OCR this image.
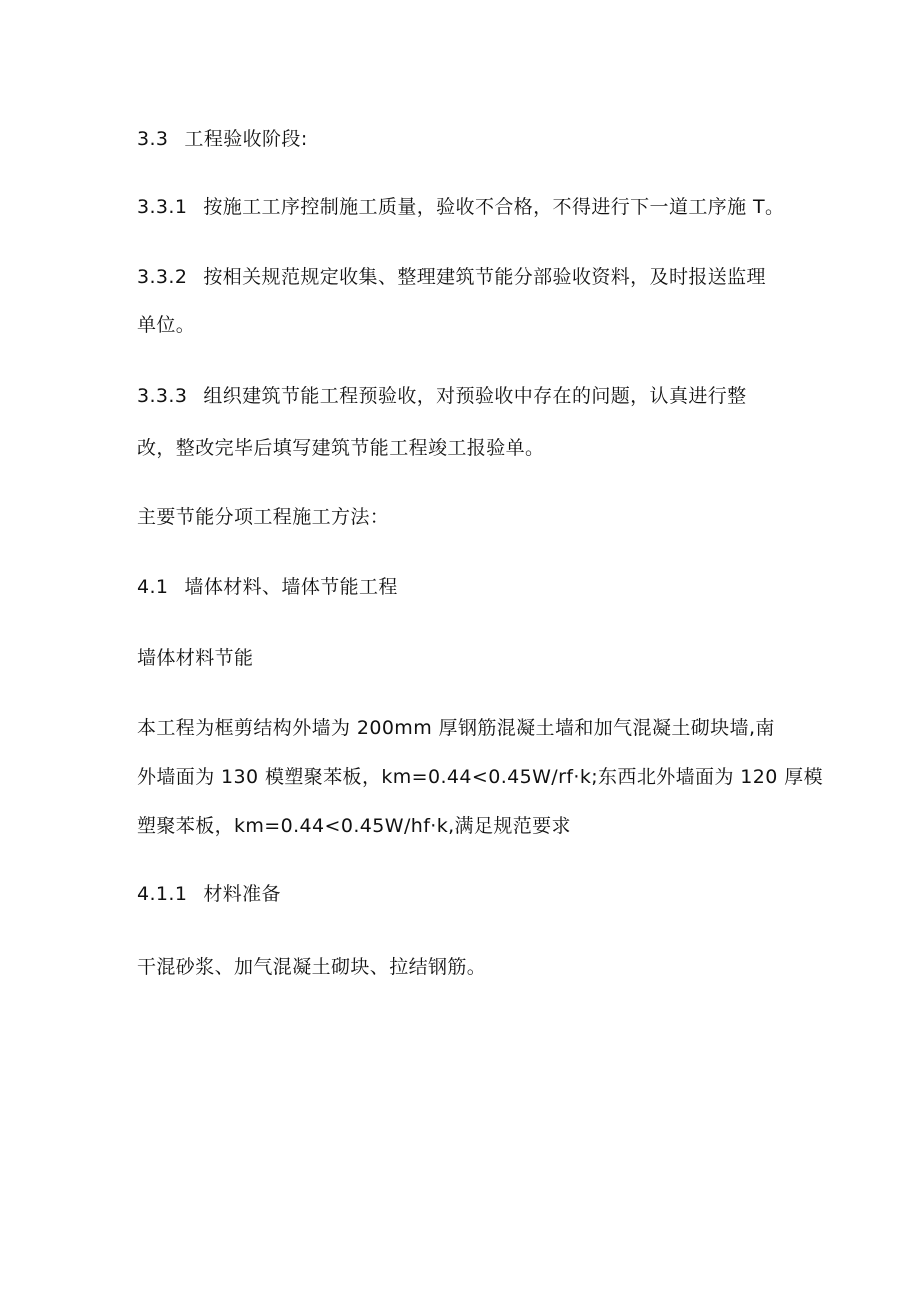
3.3 工程验收阶段:
3.3.1 按施工工序控制施工质量，验收不合格，不得进行下一道工序施 T。
3.3.2 按相关规范规定收集、整理建筑节能分部验收资料，及时报送监理
单位。
3.3.3 组织建筑节能工程预验收，对预验收中存在的问题，认真进行整
改，整改完毕后填写建筑节能工程竣工报验单。
主要节能分项工程施工方法：
4.1 墙体材料、墙体节能工程
墙体材料节能
本工程为框剪结构外墙为 200mm 厚钢筋混凝土墙和加气混凝土砌块墙,南
外墙面为 130 模塑聚苯板，km=0.44<0.45W/rf·k;东西北外墙面为 120 厚模
塑聚苯板，km=0.44<0.45W/hf·k,满足规范要求
4.1.1 材料准备
干混砂浆、加气混凝土砌块、拉结钢筋。
